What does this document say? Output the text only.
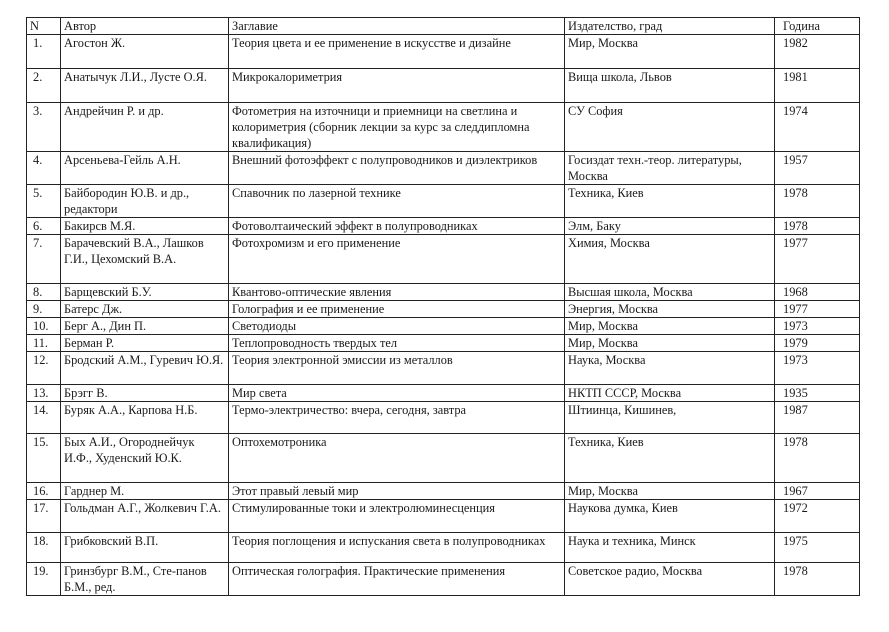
N	Автор	Заглавие	Издателство, град	Година
1.	Агостон Ж.	Теория цвета и ее применение в искусстве и дизайне	Мир, Москва	1982
2.	Анатычук Л.И., Лусте О.Я.	Микрокалориметрия	Вища школа, Львов	1981
3.	Андрейчин Р. и др.	Фотометрия на източници и приемници на светлина и колориметрия (сборник лекции за курс за следдипломна квалификация)	СУ София	1974
4.	Арсеньева-Гейль А.Н.	Внешний фотоэффект с полупроводников и диэлектриков	Госиздат техн.-теор. литературы, Москва	1957
5.	Байбородин Ю.В. и др., редактори	Спавочник по лазерной технике	Техника, Киев	1978
6.	Бакирсв М.Я.	Фотоволтаический эффект в полупроводниках	Элм, Баку	1978
7.	Барачевский В.А., Лашков Г.И., Цехомский В.А.	Фотохромизм и его применение	Химия, Москва	1977
8.	Барщевский Б.У.	Квантово-оптические явления	Высшая школа, Москва	1968
9.	Батерс Дж.	Голография и ее применение	Энергия, Москва	1977
10.	Берг А., Дин П.	Светодиоды	Мир, Москва	1973
11.	Берман Р.	Теплопроводность твердых тел	Мир, Москва	1979
12.	Бродский А.М., Гуревич Ю.Я.	Теория электронной эмиссии из металлов	Наука, Москва	1973
13.	Брэгг В.	Мир света	НКТП СССР, Москва	1935
14.	Буряк А.А., Карпова Н.Б.	Термо-электричество: вчера, сегодня, завтра	Штиинца, Кишинев,	1987
15.	Бых А.И., Огороднейчук И.Ф., Худенский Ю.К.	Оптохемотроника	Техника, Киев	1978
16.	Гарднер М.	Этот правый левый мир	Мир, Москва	1967
17.	Гольдман А.Г., Жолкевич Г.А.	Стимулированные токи и электролюминесценция	Наукова думка, Киев	1972
18.	Грибковский В.П.	Теория поглощения и испускания света в полупроводниках	Наука и техника, Минск	1975
19.	Гринзбург В.М., Сте-панов Б.М., ред.	Оптическая голография. Практические применения	Советское радио, Москва	1978
